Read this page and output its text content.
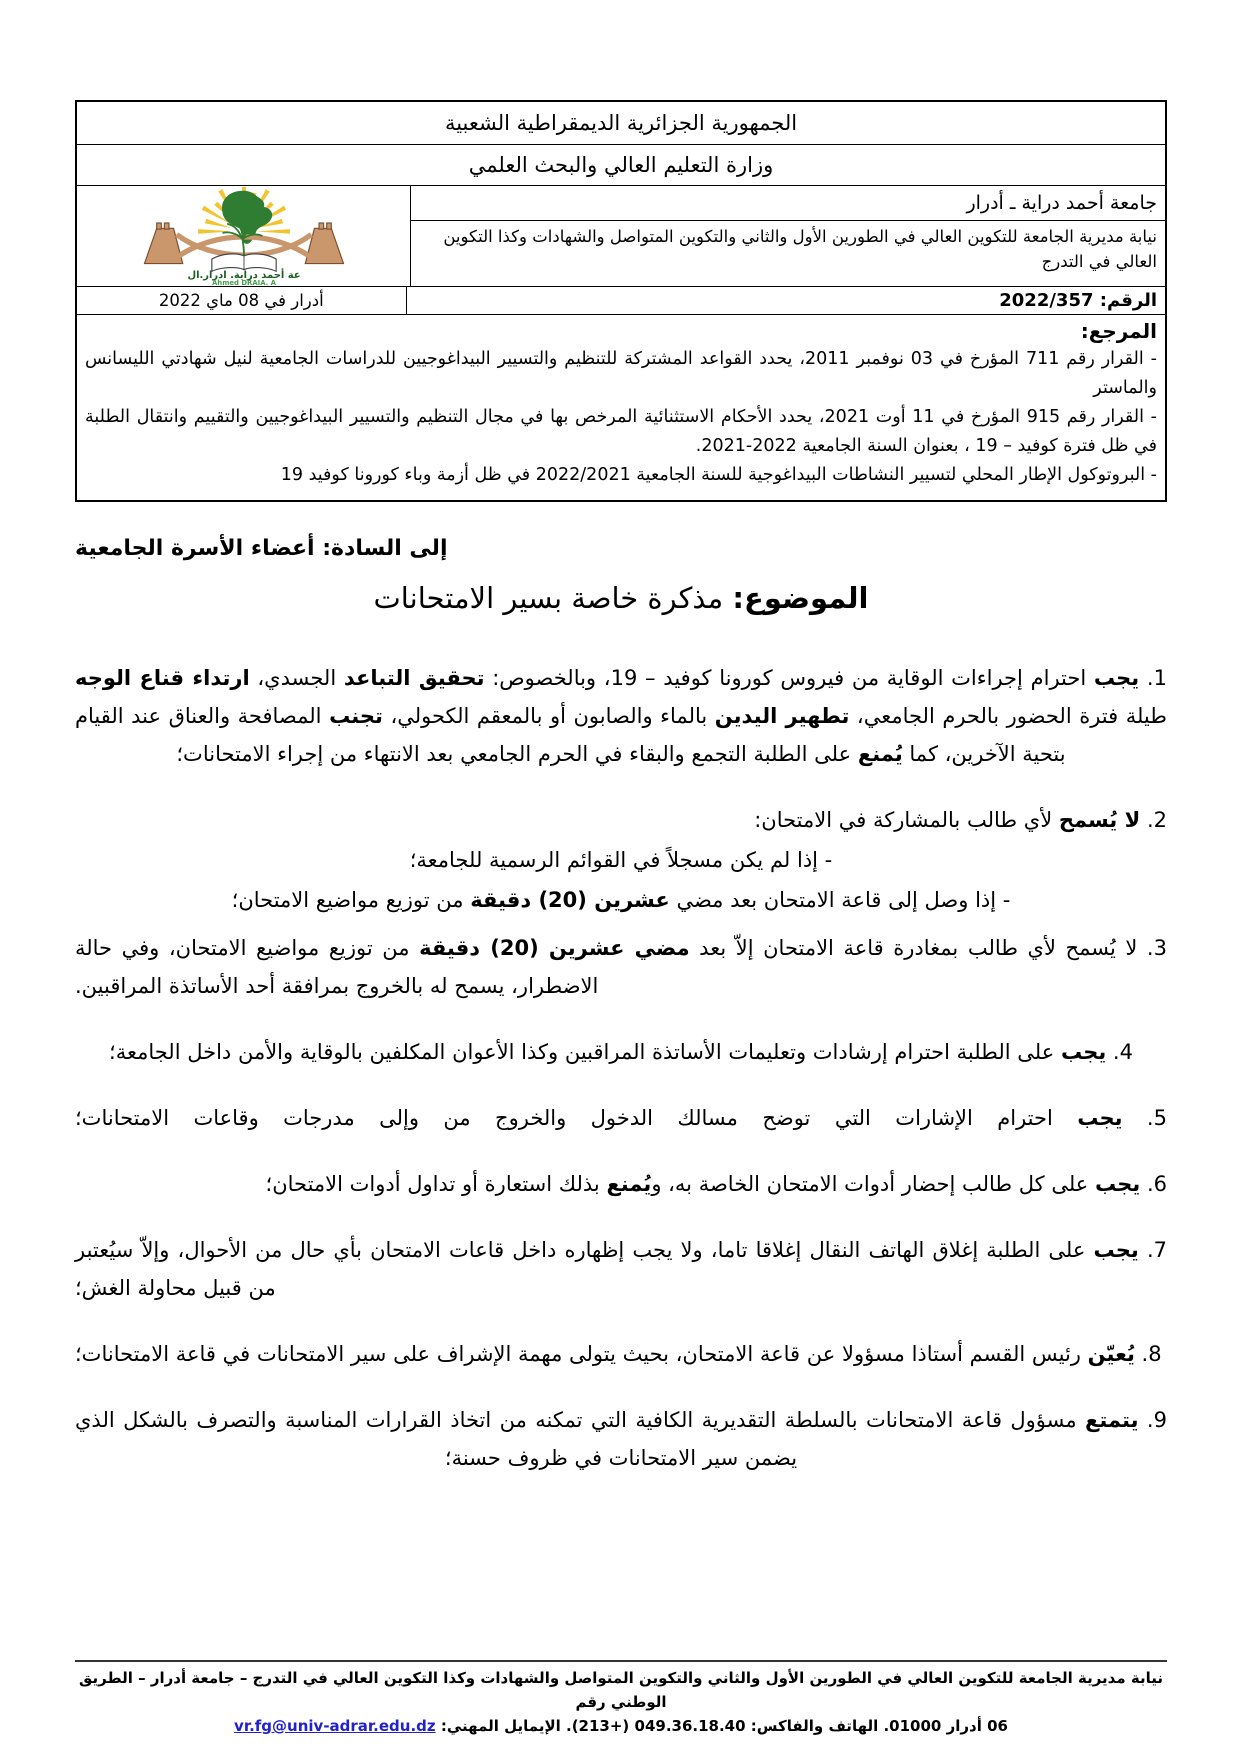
الجمهورية الجزائرية الديمقراطية الشعبية
وزارة التعليم العالي والبحث العلمي
جامعة أحمد دراية ـ أدرار
نيابة مديرية الجامعة للتكوين العالي في الطورين الأول والثاني والتكوين المتواصل والشهادات وكذا التكوين العالي في التدرج
عة أحمد دراية. ادرار.ال
Ahmed DRAIA, A
الرقم: 2022/357
أدرار في 08 ماي 2022
المرجع:

- القرار رقم 711 المؤرخ في 03 نوفمبر 2011، يحدد القواعد المشتركة للتنظيم والتسيير البيداغوجيين للدراسات الجامعية لنيل شهادتي الليسانس والماستر

- القرار رقم 915 المؤرخ في 11 أوت 2021، يحدد الأحكام الاستثنائية المرخص بها في مجال التنظيم والتسيير البيداغوجيين والتقييم وانتقال الطلبة في ظل فترة كوفيد – 19 ، بعنوان السنة الجامعية 2022-2021.

- البروتوكول الإطار المحلي لتسيير النشاطات البيداغوجية للسنة الجامعية 2022/2021 في ظل أزمة وباء كورونا كوفيد 19

إلى السادة: أعضاء الأسرة الجامعية
الموضوع: مذكرة خاصة بسير الامتحانات

1. يجب احترام إجراءات الوقاية من فيروس كورونا كوفيد – 19، وبالخصوص: تحقيق التباعد الجسدي، ارتداء قناع الوجه طيلة فترة الحضور بالحرم الجامعي، تطهير اليدين بالماء والصابون أو بالمعقم الكحولي، تجنب المصافحة والعناق عند القيام بتحية الآخرين، كما يُمنع على الطلبة التجمع والبقاء في الحرم الجامعي بعد الانتهاء من إجراء الامتحانات؛

2. لا يُسمح لأي طالب بالمشاركة في الامتحان:

- إذا لم يكن مسجلاً في القوائم الرسمية للجامعة؛

- إذا وصل إلى قاعة الامتحان بعد مضي عشرين (20) دقيقة من توزيع مواضيع الامتحان؛

3. لا يُسمح لأي طالب بمغادرة قاعة الامتحان إلاّ بعد مضي عشرين (20) دقيقة من توزيع مواضيع الامتحان، وفي حالة الاضطرار، يسمح له بالخروج بمرافقة أحد الأساتذة المراقبين.

4. يجب على الطلبة احترام إرشادات وتعليمات الأساتذة المراقبين وكذا الأعوان المكلفين بالوقاية والأمن داخل الجامعة؛

5. يجب احترام الإشارات التي توضح مسالك الدخول والخروج من وإلى مدرجات وقاعات الامتحانات؛

6. يجب على كل طالب إحضار أدوات الامتحان الخاصة به، ويُمنع بذلك استعارة أو تداول أدوات الامتحان؛

7. يجب على الطلبة إغلاق الهاتف النقال إغلاقا تاما، ولا يجب إظهاره داخل قاعات الامتحان بأي حال من الأحوال، وإلاّ سيُعتبر من قبيل محاولة الغش؛

8. يُعيّن رئيس القسم أستاذا مسؤولا عن قاعة الامتحان، بحيث يتولى مهمة الإشراف على سير الامتحانات في قاعة الامتحانات؛

9. يتمتع مسؤول قاعة الامتحانات بالسلطة التقديرية الكافية التي تمكنه من اتخاذ القرارات المناسبة والتصرف بالشكل الذي يضمن سير الامتحانات في ظروف حسنة؛

نيابة مديرية الجامعة للتكوين العالي في الطورين الأول والثاني والتكوين المتواصل والشهادات وكذا التكوين العالي في التدرج – جامعة أدرار – الطريق الوطني رقم
06 أدرار 01000. الهاتف والفاكس: 049.36.18.40 (+213). الإيمايل المهني: vr.fg@univ-adrar.edu.dz
